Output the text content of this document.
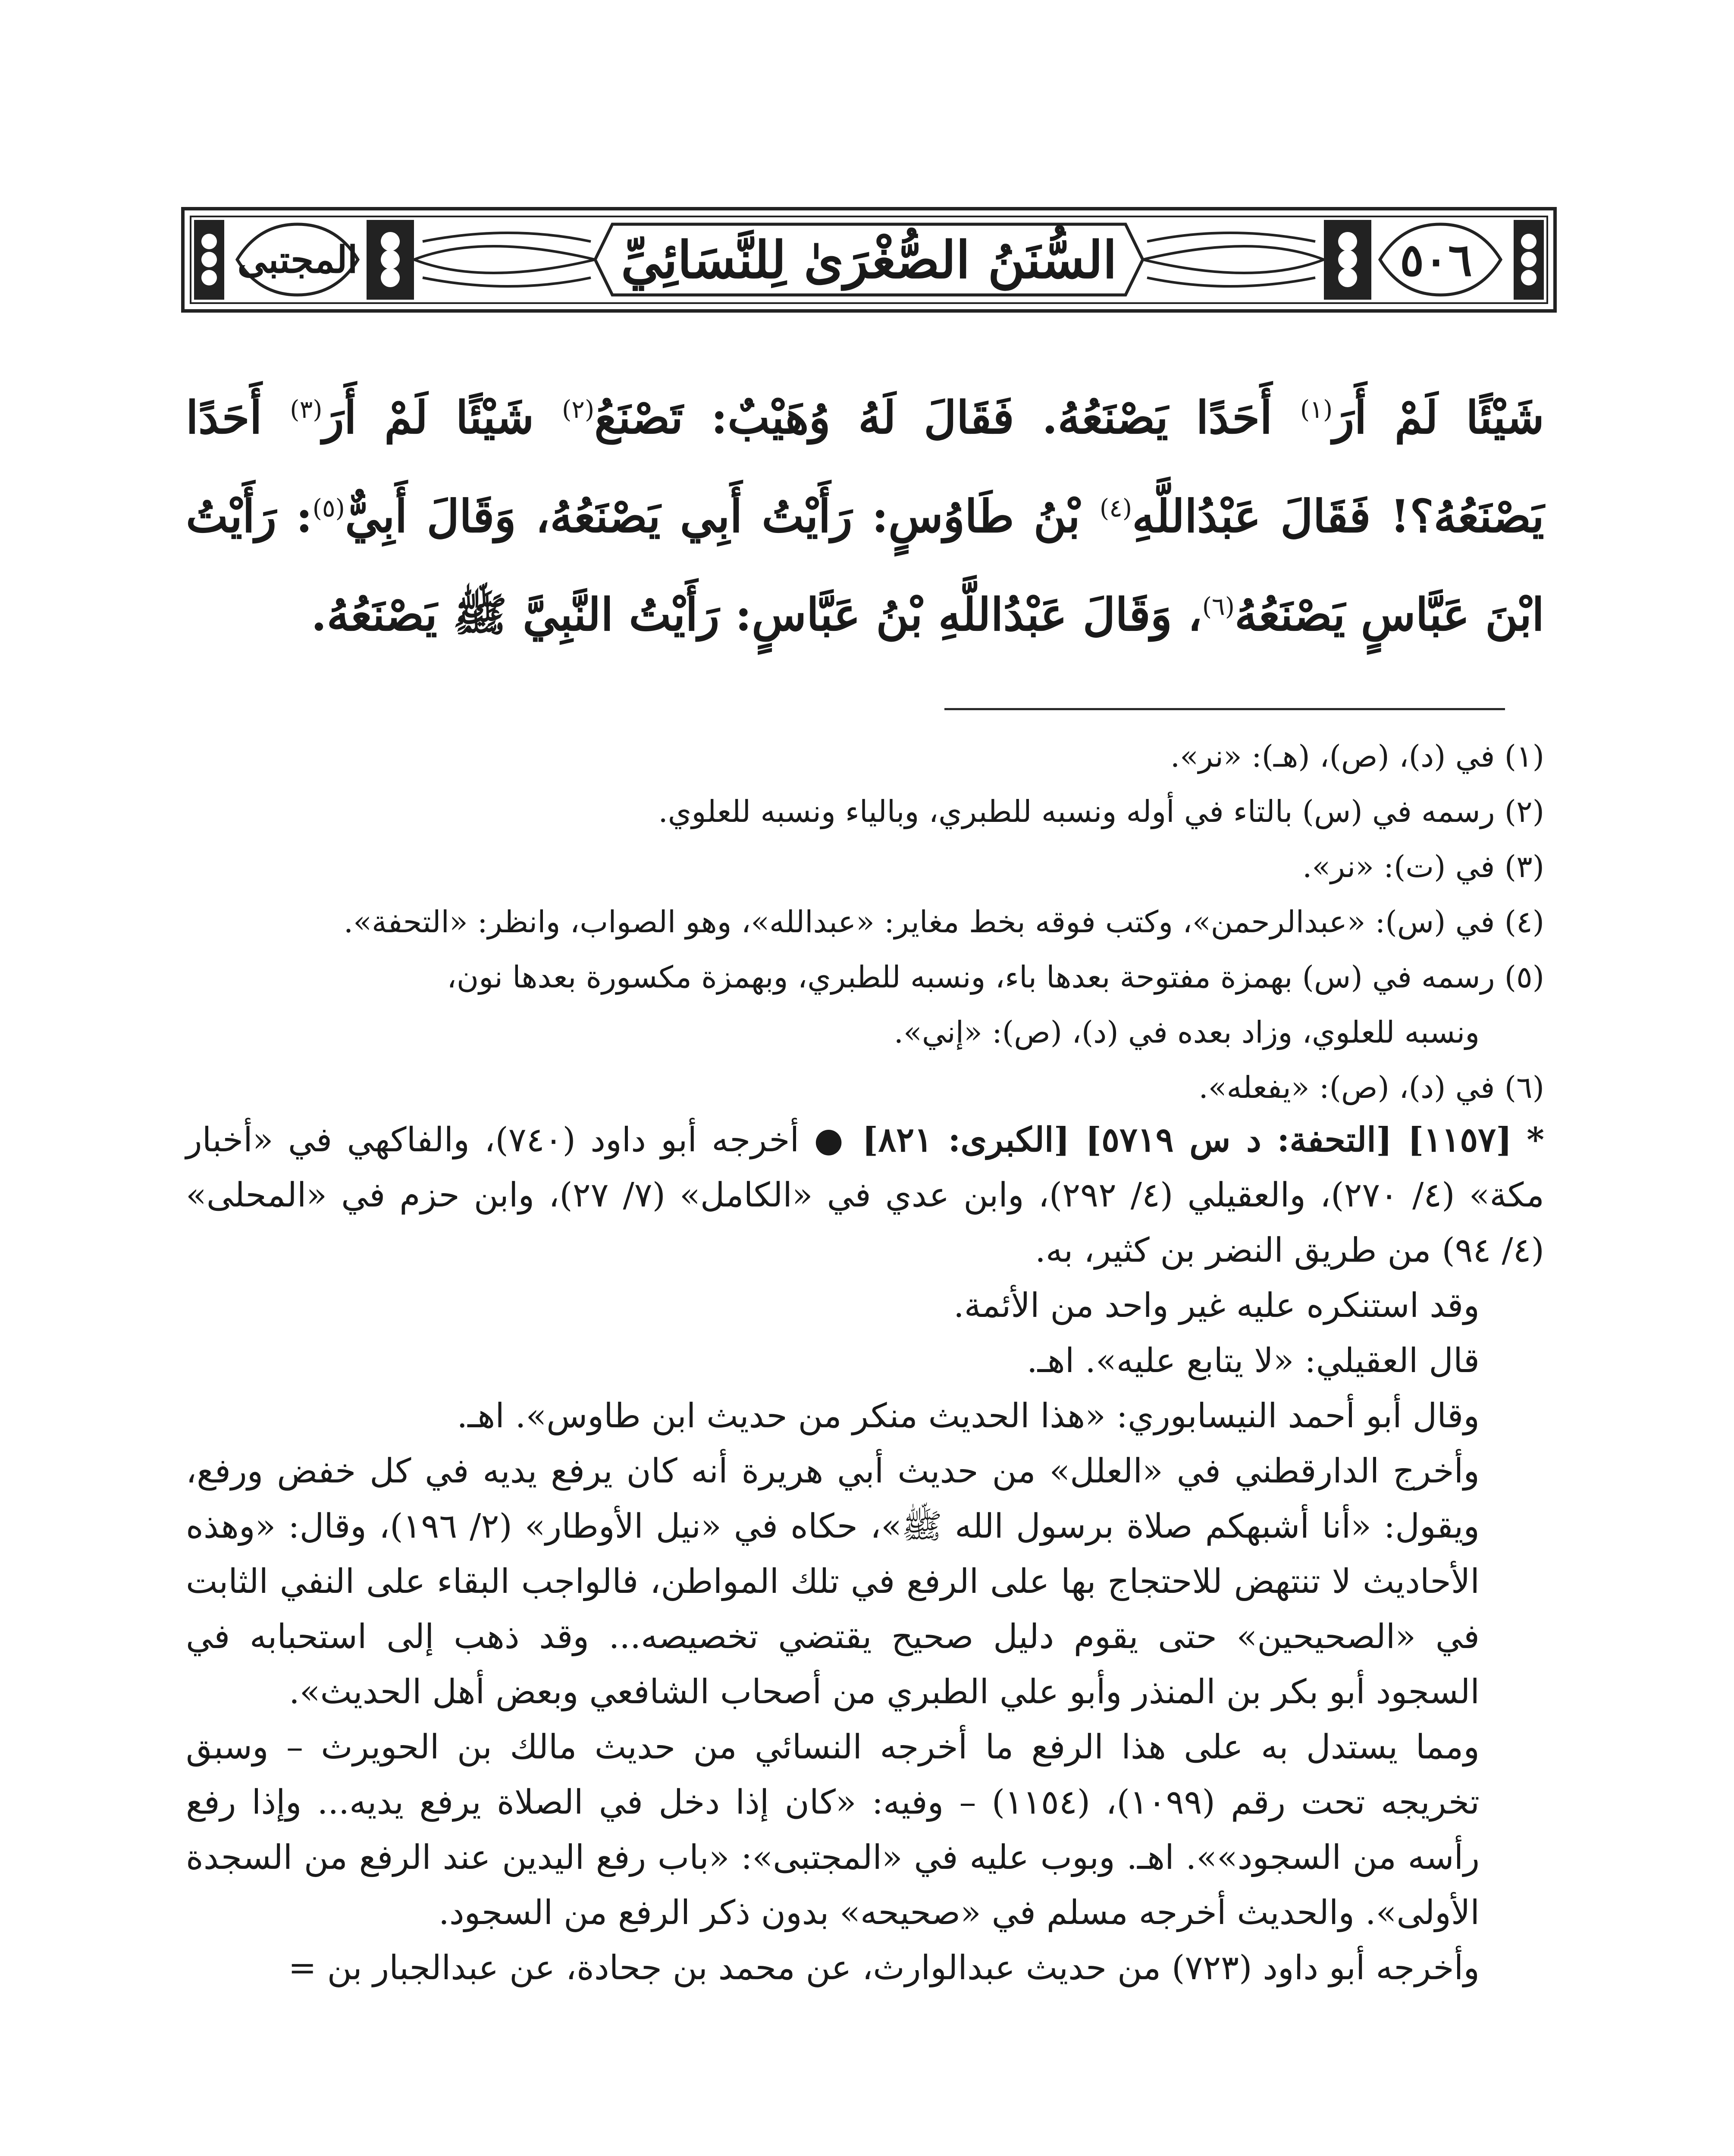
السُّنَنُ الصُّغْرَىٰ لِلنَّسَائِيِّ	٥٠٦
المجتبى

شَيْئًا لَمْ أَرَ$^{(١)}$ أَحَدًا يَصْنَعُهُ. فَقَالَ لَهُ وُهَيْبٌ: تَصْنَعُ$^{(٢)}$ شَيْئًا لَمْ أَرَ$^{(٣)}$ أَحَدًا يَصْنَعُهُ؟! فَقَالَ عَبْدُاللَّهِ$^{(٤)}$ بْنُ طَاوُسٍ: رَأَيْتُ أَبِي يَصْنَعُهُ، وَقَالَ أَبِيٌّ$^{(٥)}$: رَأَيْتُ ابْنَ عَبَّاسٍ يَصْنَعُهُ$^{(٦)}$، وَقَالَ عَبْدُاللَّهِ بْنُ عَبَّاسٍ: رَأَيْتُ النَّبِيَّ ﷺ يَصْنَعُهُ.

(١) في (د)، (ص)، (هـ): «نر».

(٢) رسمه في (س) بالتاء في أوله ونسبه للطبري، وبالياء ونسبه للعلوي.

(٣) في (ت): «نر».

(٤) في (س): «عبدالرحمن»، وكتب فوقه بخط مغاير: «عبدالله»، وهو الصواب، وانظر: «التحفة».

(٥) رسمه في (س) بهمزة مفتوحة بعدها باء، ونسبه للطبري، وبهمزة مكسورة بعدها نون،

ونسبه للعلوي، وزاد بعده في (د)، (ص): «إني».

(٦) في (د)، (ص): «يفعله».

* [١١٥٧] [التحفة: د س ٥٧١٩] [الكبرى: ٨٢١] ● أخرجه أبو داود (٧٤٠)، والفاكهي في «أخبار مكة» (٤/ ٢٧٠)، والعقيلي (٤/ ٢٩٢)، وابن عدي في «الكامل» (٧/ ٢٧)، وابن حزم في «المحلى» (٤/ ٩٤) من طريق النضر بن كثير، به.

وقد استنكره عليه غير واحد من الأئمة.

قال العقيلي: «لا يتابع عليه». اهـ.

وقال أبو أحمد النيسابوري: «هذا الحديث منكر من حديث ابن طاوس». اهـ.

وأخرج الدارقطني في «العلل» من حديث أبي هريرة أنه كان يرفع يديه في كل خفض ورفع، ويقول: «أنا أشبهكم صلاة برسول الله ﷺ»، حكاه في «نيل الأوطار» (٢/ ١٩٦)، وقال: «وهذه الأحاديث لا تنتهض للاحتجاج بها على الرفع في تلك المواطن، فالواجب البقاء على النفي الثابت في «الصحيحين» حتى يقوم دليل صحيح يقتضي تخصيصه... وقد ذهب إلى استحبابه في السجود أبو بكر بن المنذر وأبو علي الطبري من أصحاب الشافعي وبعض أهل الحديث».

ومما يستدل به على هذا الرفع ما أخرجه النسائي من حديث مالك بن الحويرث – وسبق تخريجه تحت رقم (١٠٩٩)، (١١٥٤) – وفيه: «كان إذا دخل في الصلاة يرفع يديه... وإذا رفع رأسه من السجود»». اهـ. وبوب عليه في «المجتبى»: «باب رفع اليدين عند الرفع من السجدة الأولى». والحديث أخرجه مسلم في «صحيحه» بدون ذكر الرفع من السجود.

وأخرجه أبو داود (٧٢٣) من حديث عبدالوارث، عن محمد بن جحادة، عن عبدالجبار بن =
